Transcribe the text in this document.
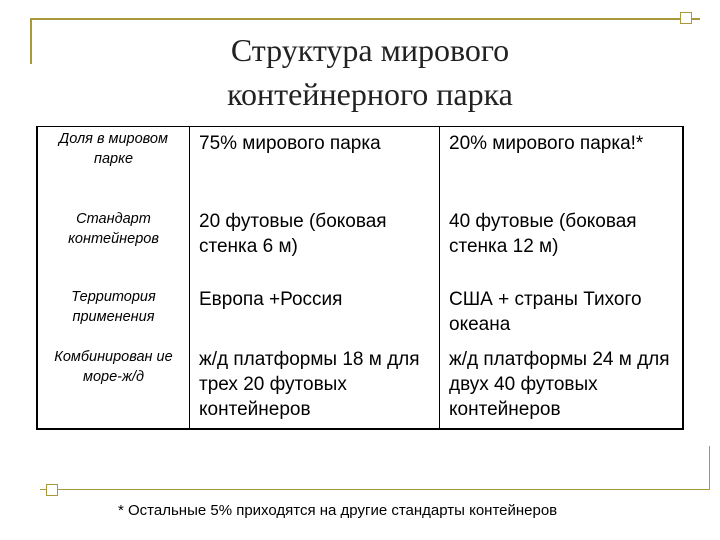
Структура мирового
контейнерного парка
Доля в мировом парке
75% мирового парка	20% мирового парка!*
Стандарт контейнеров
20 футовые (боковая стенка 6 м)
40 футовые (боковая стенка 12 м)
Территория применения
Европа +Россия	США + страны Тихого океана
Комбинирован ие море-ж/д
ж/д платформы 18 м для трех 20 футовых контейнеров
ж/д платформы 24 м для двух 40 футовых контейнеров
* Остальные 5% приходятся на другие стандарты контейнеров
